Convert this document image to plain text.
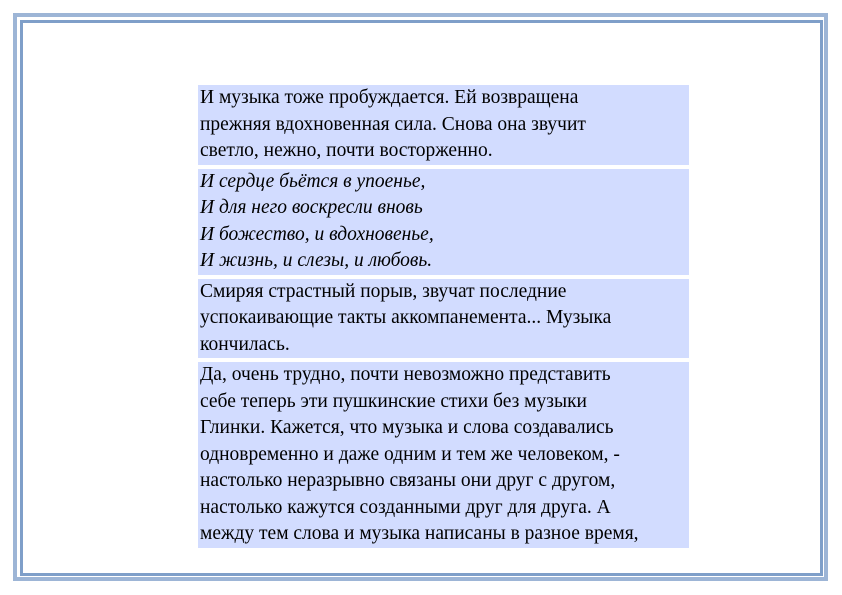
И музыка тоже пробуждается. Ей возвращена
прежняя вдохновенная сила. Снова она звучит
светло, нежно, почти восторженно.
И сердце бьётся в упоенье,
И для него воскресли вновь
И божество, и вдохновенье,
И жизнь, и слезы, и любовь.
Смиряя страстный порыв, звучат последние
успокаивающие такты аккомпанемента... Музыка
кончилась.
Да, очень трудно, почти невозможно представить
себе теперь эти пушкинские стихи без музыки
Глинки. Кажется, что музыка и слова создавались
одновременно и даже одним и тем же человеком, -
настолько неразрывно связаны они друг с другом,
настолько кажутся созданными друг для друга. А
между тем слова и музыка написаны в разное время,
